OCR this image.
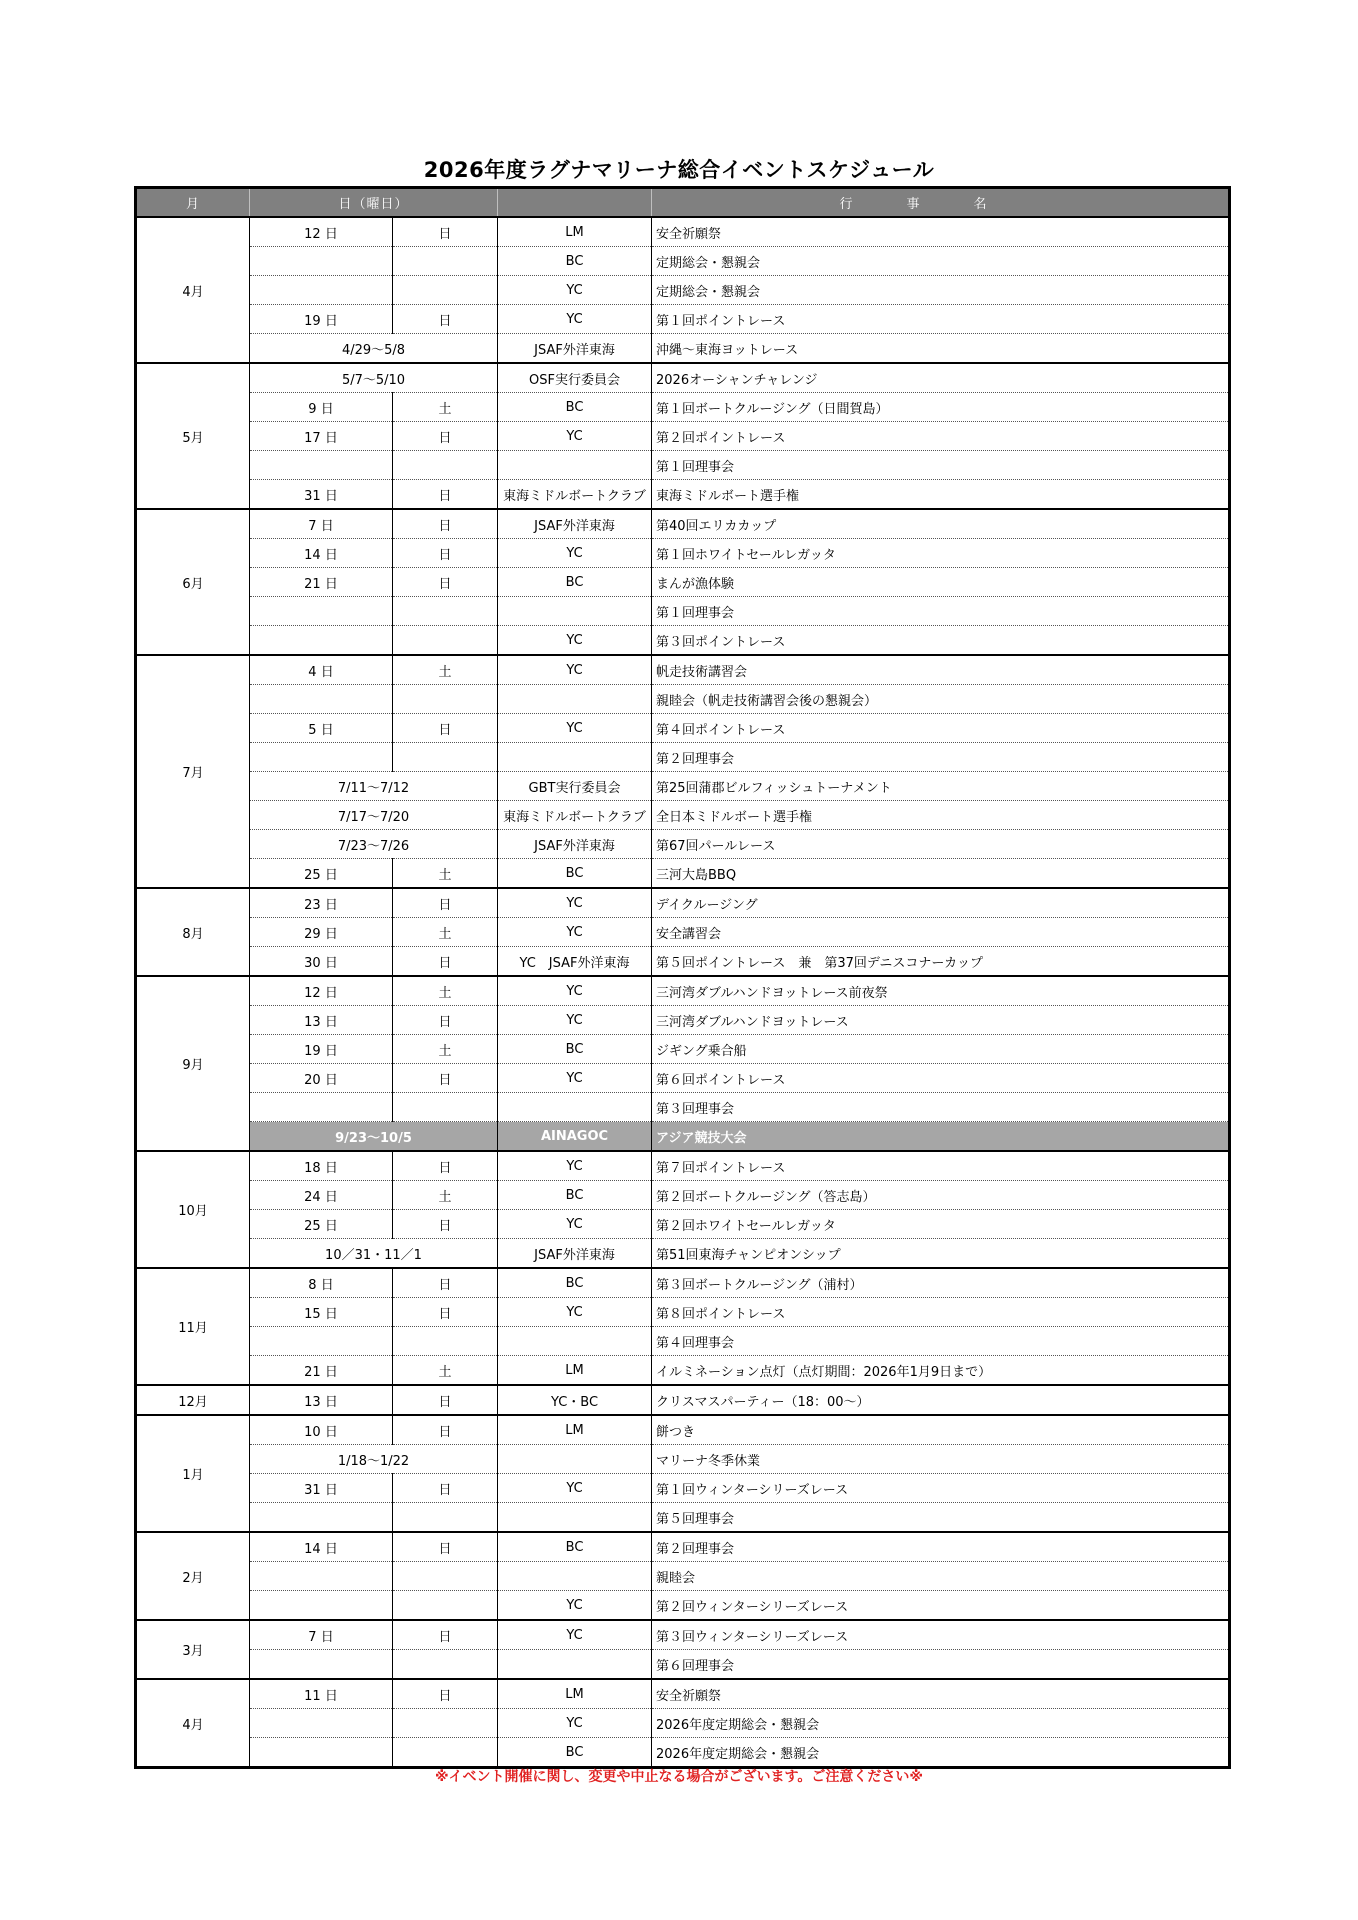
2026年度ラグナマリーナ総合イベントスケジュール
月	日（曜日）			行事名
4月	12 日	日	LM	安全祈願祭
			BC	定期総会・懇親会
			YC	定期総会・懇親会
	19 日	日	YC	第１回ポイントレース
	4/29～5/8		JSAF外洋東海	沖縄～東海ヨットレース
5月	5/7～5/10		OSF実行委員会	2026オーシャンチャレンジ
	9 日	土	BC	第１回ボートクルージング（日間賀島）
	17 日	日	YC	第２回ポイントレース
				第１回理事会
	31 日	日	東海ミドルボートクラブ	東海ミドルボート選手権
6月	7 日	日	JSAF外洋東海	第40回エリカカップ
	14 日	日	YC	第１回ホワイトセールレガッタ
	21 日	日	BC	まんが漁体験
				第１回理事会
			YC	第３回ポイントレース
7月	4 日	土	YC	帆走技術講習会
				親睦会（帆走技術講習会後の懇親会）
	5 日	日	YC	第４回ポイントレース
				第２回理事会
	7/11～7/12		GBT実行委員会	第25回蒲郡ビルフィッシュトーナメント
	7/17～7/20		東海ミドルボートクラブ	全日本ミドルボート選手権
	7/23～7/26		JSAF外洋東海	第67回パールレース
	25 日	土	BC	三河大島BBQ
8月	23 日	日	YC	デイクルージング
	29 日	土	YC	安全講習会
	30 日	日	YC　JSAF外洋東海	第５回ポイントレース　兼　第37回デニスコナーカップ
9月	12 日	土	YC	三河湾ダブルハンドヨットレース前夜祭
	13 日	日	YC	三河湾ダブルハンドヨットレース
	19 日	土	BC	ジギング乗合船
	20 日	日	YC	第６回ポイントレース
				第３回理事会
	9/23～10/5		AINAGOC	アジア競技大会
10月	18 日	日	YC	第７回ポイントレース
	24 日	土	BC	第２回ボートクルージング（答志島）
	25 日	日	YC	第２回ホワイトセールレガッタ
	10／31・11／1		JSAF外洋東海	第51回東海チャンピオンシップ
11月	8 日	日	BC	第３回ボートクルージング（浦村）
	15 日	日	YC	第８回ポイントレース
				第４回理事会
	21 日	土	LM	イルミネーション点灯（点灯期間：2026年1月9日まで）
12月	13 日	日	YC・BC	クリスマスパーティー（18：00～）
1月	10 日	日	LM	餅つき
	1/18～1/22			マリーナ冬季休業
	31 日	日	YC	第１回ウィンターシリーズレース
				第５回理事会
2月	14 日	日	BC	第２回理事会
				親睦会
			YC	第２回ウィンターシリーズレース
3月	7 日	日	YC	第３回ウィンターシリーズレース
				第６回理事会
4月	11 日	日	LM	安全祈願祭
			YC	2026年度定期総会・懇親会
			BC	2026年度定期総会・懇親会
※イベント開催に関し、変更や中止なる場合がございます。ご注意ください※
